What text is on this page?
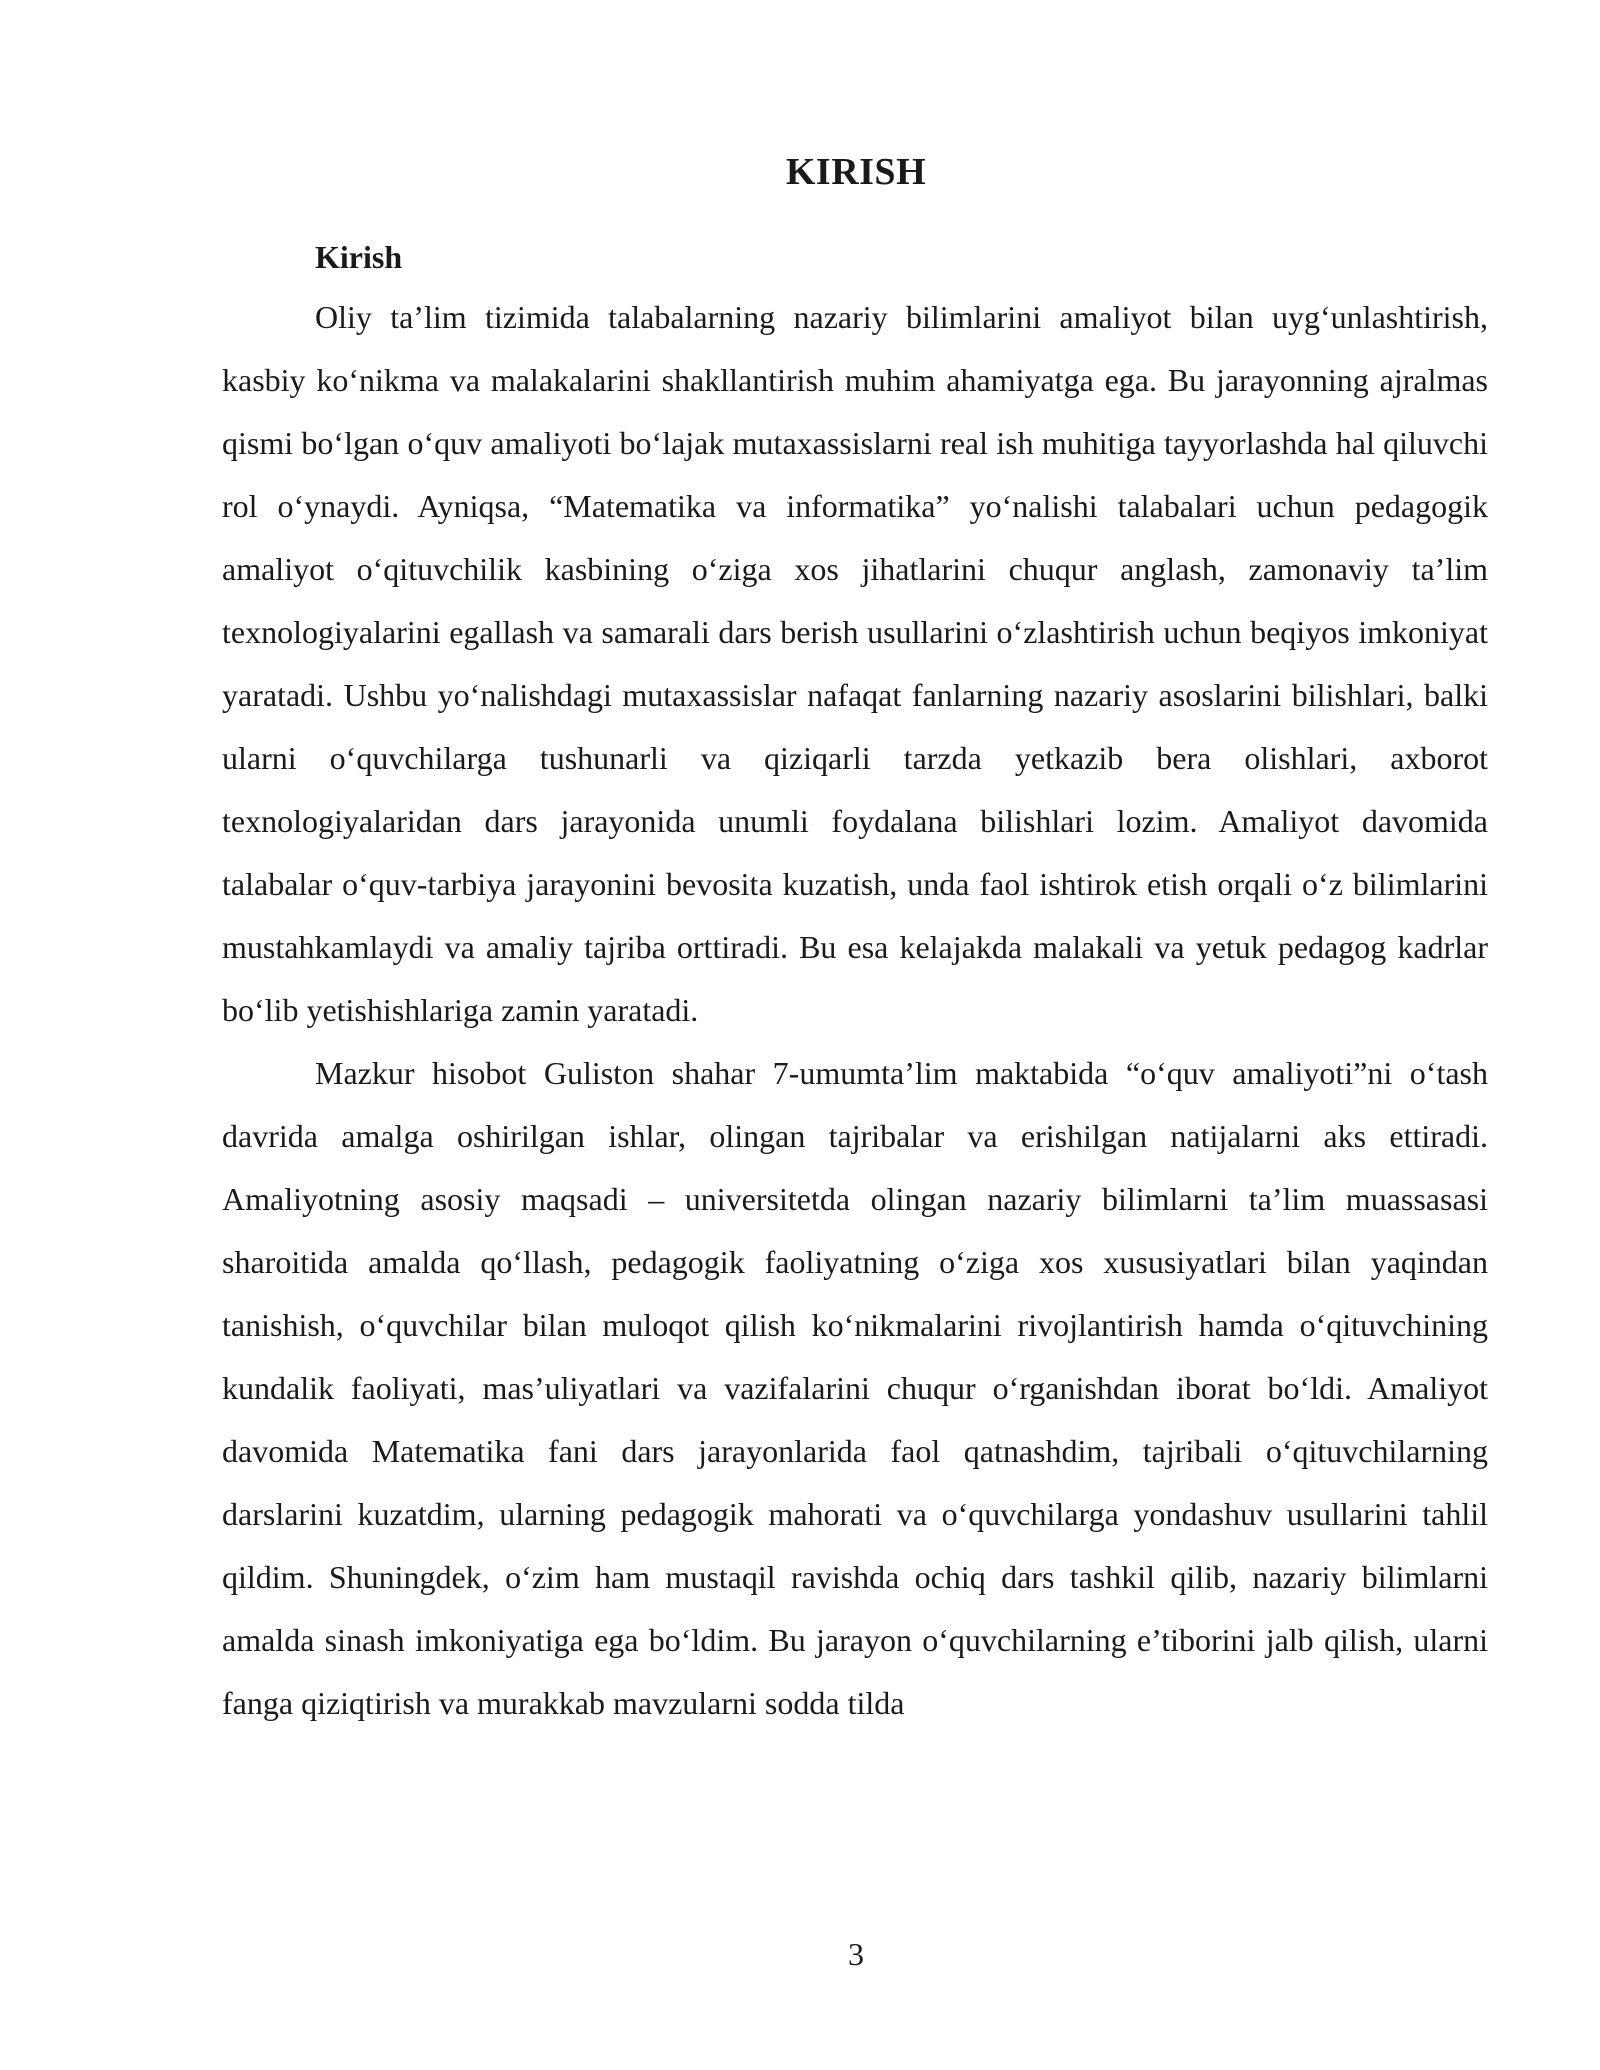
KIRISH

Kirish

Oliy ta’lim tizimida talabalarning nazariy bilimlarini amaliyot bilan uyg‘unlashtirish, kasbiy ko‘nikma va malakalarini shakllantirish muhim ahamiyatga ega. Bu jarayonning ajralmas qismi bo‘lgan o‘quv amaliyoti bo‘lajak mutaxassislarni real ish muhitiga tayyorlashda hal qiluvchi rol o‘ynaydi. Ayniqsa, “Matematika va informatika” yo‘nalishi talabalari uchun pedagogik amaliyot o‘qituvchilik kasbining o‘ziga xos jihatlarini chuqur anglash, zamonaviy ta’lim texnologiyalarini egallash va samarali dars berish usullarini o‘zlashtirish uchun beqiyos imkoniyat yaratadi. Ushbu yo‘nalishdagi mutaxassislar nafaqat fanlarning nazariy asoslarini bilishlari, balki ularni o‘quvchilarga tushunarli va qiziqarli tarzda yetkazib bera olishlari, axborot texnologiyalaridan dars jarayonida unumli foydalana bilishlari lozim. Amaliyot davomida talabalar o‘quv-tarbiya jarayonini bevosita kuzatish, unda faol ishtirok etish orqali o‘z bilimlarini mustahkamlaydi va amaliy tajriba orttiradi. Bu esa kelajakda malakali va yetuk pedagog kadrlar bo‘lib yetishishlariga zamin yaratadi.

Mazkur hisobot Guliston shahar 7-umumta’lim maktabida “o‘quv amaliyoti”ni o‘tash davrida amalga oshirilgan ishlar, olingan tajribalar va erishilgan natijalarni aks ettiradi. Amaliyotning asosiy maqsadi – universitetda olingan nazariy bilimlarni ta’lim muassasasi sharoitida amalda qo‘llash, pedagogik faoliyatning o‘ziga xos xususiyatlari bilan yaqindan tanishish, o‘quvchilar bilan muloqot qilish ko‘nikmalarini rivojlantirish hamda o‘qituvchining kundalik faoliyati, mas’uliyatlari va vazifalarini chuqur o‘rganishdan iborat bo‘ldi. Amaliyot davomida Matematika fani dars jarayonlarida faol qatnashdim, tajribali o‘qituvchilarning darslarini kuzatdim, ularning pedagogik mahorati va o‘quvchilarga yondashuv usullarini tahlil qildim. Shuningdek, o‘zim ham mustaqil ravishda ochiq dars tashkil qilib, nazariy bilimlarni amalda sinash imkoniyatiga ega bo‘ldim. Bu jarayon o‘quvchilarning e’tiborini jalb qilish, ularni fanga qiziqtirish va murakkab mavzularni sodda tilda

3
